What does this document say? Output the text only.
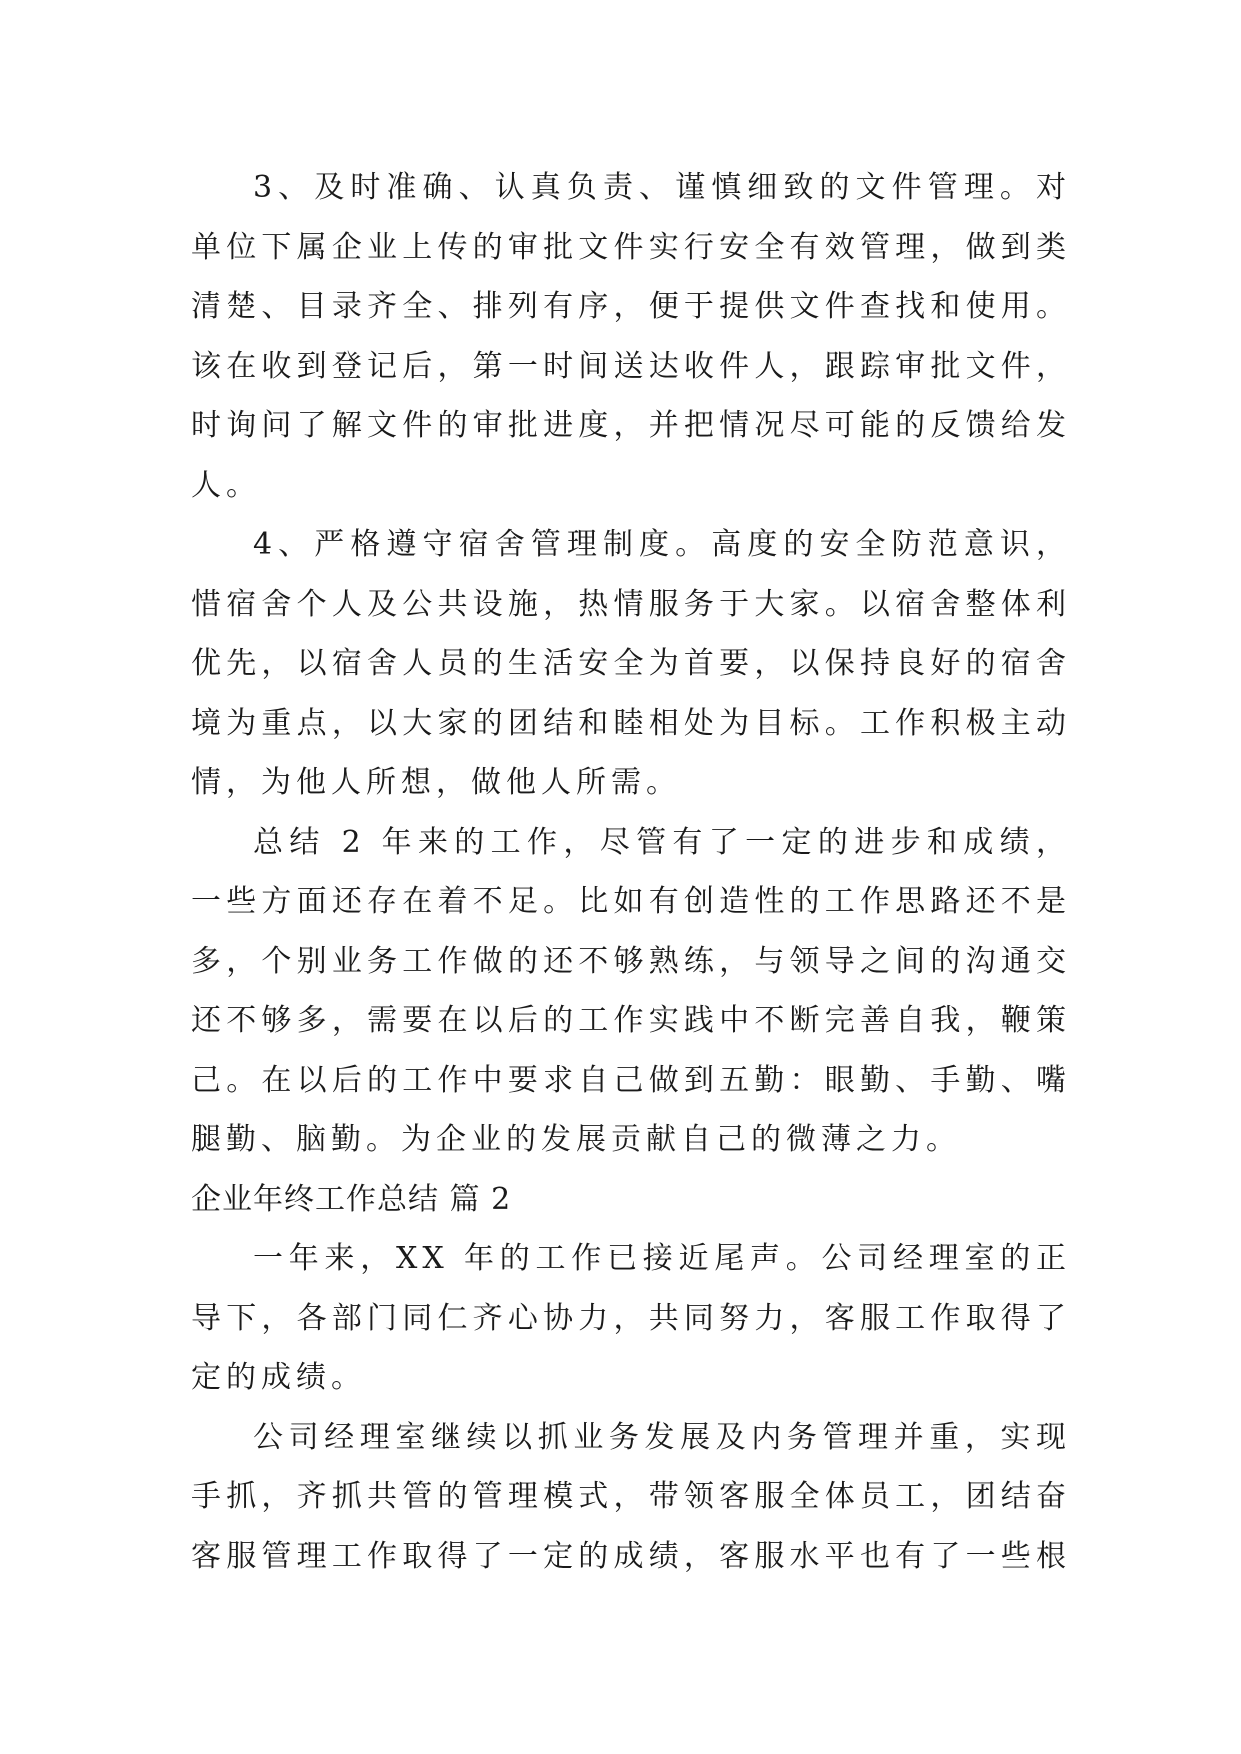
3、及时准确、认真负责、谨慎细致的文件管理。对
单位下属企业上传的审批文件实行安全有效管理，做到类
清楚、目录齐全、排列有序，便于提供文件查找和使用。
该在收到登记后，第一时间送达收件人，跟踪审批文件，
时询问了解文件的审批进度，并把情况尽可能的反馈给发
人。
4、严格遵守宿舍管理制度。高度的安全防范意识，
惜宿舍个人及公共设施，热情服务于大家。以宿舍整体利
优先，以宿舍人员的生活安全为首要，以保持良好的宿舍
境为重点，以大家的团结和睦相处为目标。工作积极主动
情，为他人所想，做他人所需。
总结 2 年来的工作，尽管有了一定的进步和成绩，
一些方面还存在着不足。比如有创造性的工作思路还不是
多，个别业务工作做的还不够熟练，与领导之间的沟通交
还不够多，需要在以后的工作实践中不断完善自我，鞭策
己。在以后的工作中要求自己做到五勤：眼勤、手勤、嘴
腿勤、脑勤。为企业的发展贡献自己的微薄之力。
企业年终工作总结 篇 2
一年来，XX 年的工作已接近尾声。公司经理室的正
导下，各部门同仁齐心协力，共同努力，客服工作取得了
定的成绩。
公司经理室继续以抓业务发展及内务管理并重，实现
手抓，齐抓共管的管理模式，带领客服全体员工，团结奋
客服管理工作取得了一定的成绩，客服水平也有了一些根
